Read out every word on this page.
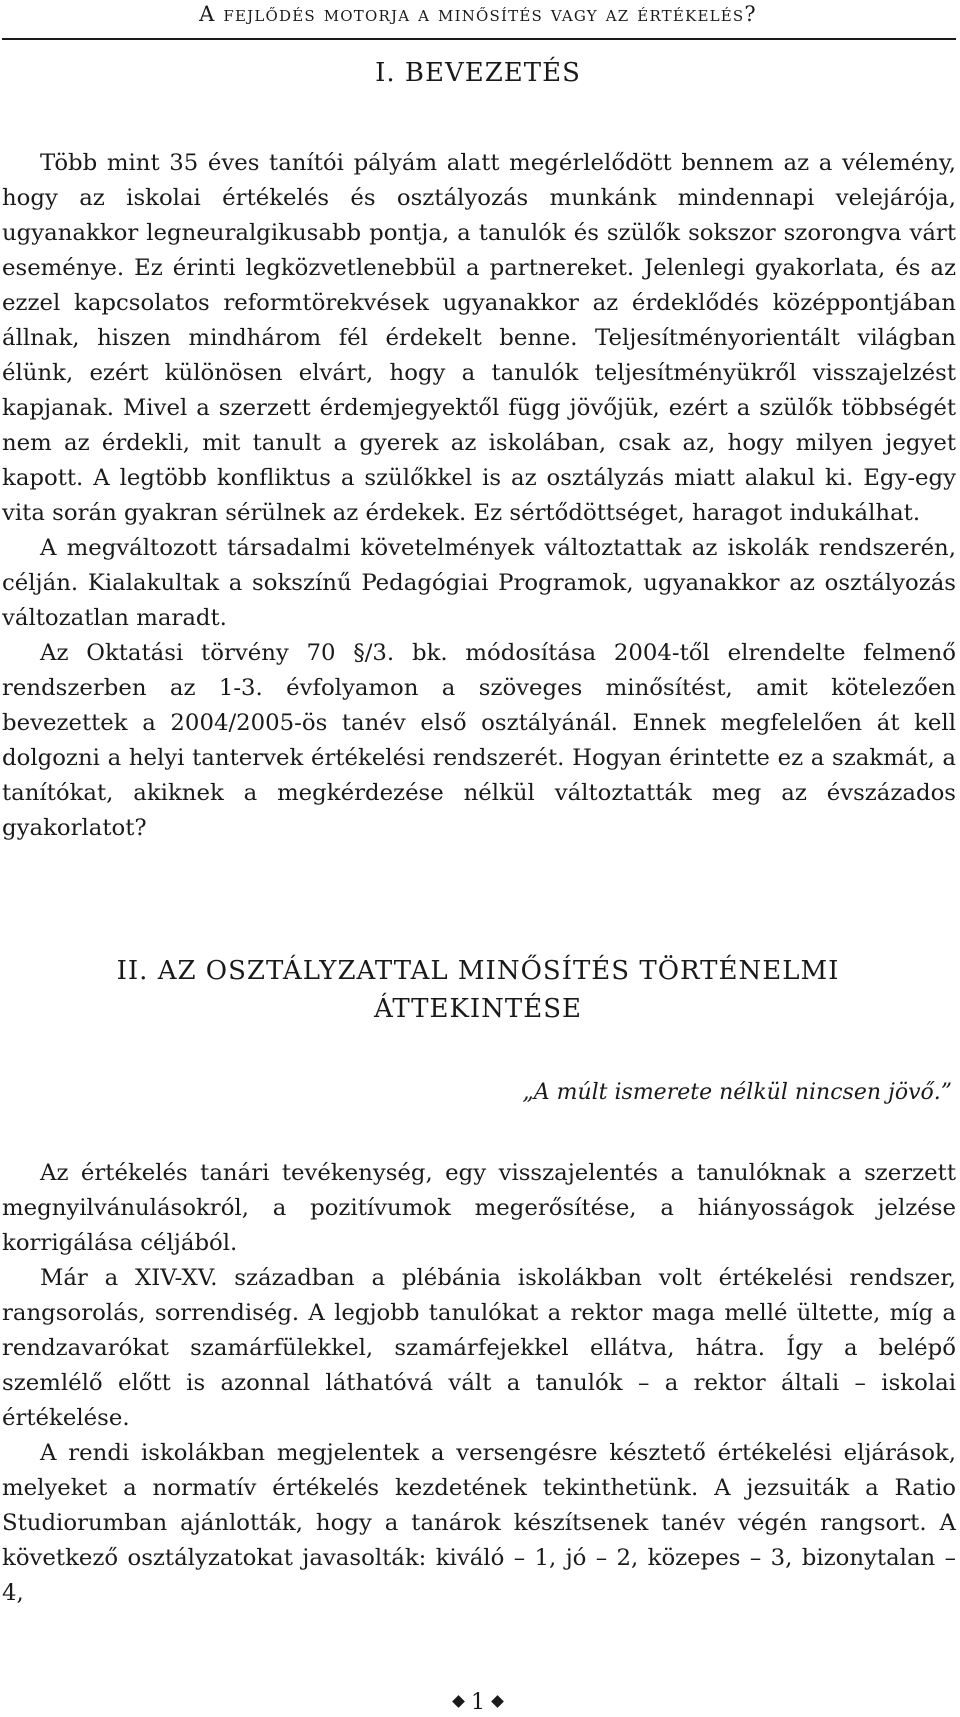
A fejlődés motorja a minősítés vagy az értékelés?
I. BEVEZETÉS

Több mint 35 éves tanítói pályám alatt megérlelődött bennem az a vélemény, hogy az iskolai értékelés és osztályozás munkánk mindennapi velejárója, ugyanakkor legneuralgikusabb pontja, a tanulók és szülők sokszor szorongva várt eseménye. Ez érinti legközvetlenebbül a partnereket. Jelenlegi gyakorlata, és az ezzel kapcsolatos reformtörekvések ugyanakkor az érdeklődés középpontjában állnak, hiszen mindhárom fél érdekelt benne. Teljesítményorientált világban élünk, ezért különösen elvárt, hogy a tanulók teljesítményükről visszajelzést kapjanak. Mivel a szerzett érdemjegyektől függ jövőjük, ezért a szülők többségét nem az érdekli, mit tanult a gyerek az iskolában, csak az, hogy milyen jegyet kapott. A legtöbb konfliktus a szülőkkel is az osztályzás miatt alakul ki. Egy-egy vita során gyakran sérülnek az érdekek. Ez sértődöttséget, haragot indukálhat.

A megváltozott társadalmi követelmények változtattak az iskolák rendszerén, célján. Kialakultak a sokszínű Pedagógiai Programok, ugyanakkor az osztályozás változatlan maradt.

Az Oktatási törvény 70 §/3. bk. módosítása 2004-től elrendelte felmenő rendszerben az 1-3. évfolyamon a szöveges minősítést, amit kötelezően bevezettek a 2004/2005-ös tanév első osztályánál. Ennek megfelelően át kell dolgozni a helyi tantervek értékelési rendszerét. Hogyan érintette ez a szakmát, a tanítókat, akiknek a megkérdezése nélkül változtatták meg az évszázados gyakorlatot?

II. AZ OSZTÁLYZATTAL MINŐSÍTÉS TÖRTÉNELMI
ÁTTEKINTÉSE
„A múlt ismerete nélkül nincsen jövő.”

Az értékelés tanári tevékenység, egy visszajelentés a tanulóknak a szerzett megnyilvánulásokról, a pozitívumok megerősítése, a hiányosságok jelzése korrigálása céljából.

Már a XIV-XV. században a plébánia iskolákban volt értékelési rendszer, rangsorolás, sorrendiség. A legjobb tanulókat a rektor maga mellé ültette, míg a rendzavarókat szamárfülekkel, szamárfejekkel ellátva, hátra. Így a belépő szemlélő előtt is azonnal láthatóvá vált a tanulók – a rektor általi – iskolai értékelése.

A rendi iskolákban megjelentek a versengésre késztető értékelési eljárások, melyeket a normatív értékelés kezdetének tekinthetünk. A jezsuiták a Ratio Studiorumban ajánlották, hogy a tanárok készítsenek tanév végén rangsort. A következő osztályzatokat javasolták: kiváló – 1, jó – 2, közepes – 3, bizonytalan – 4,

1
